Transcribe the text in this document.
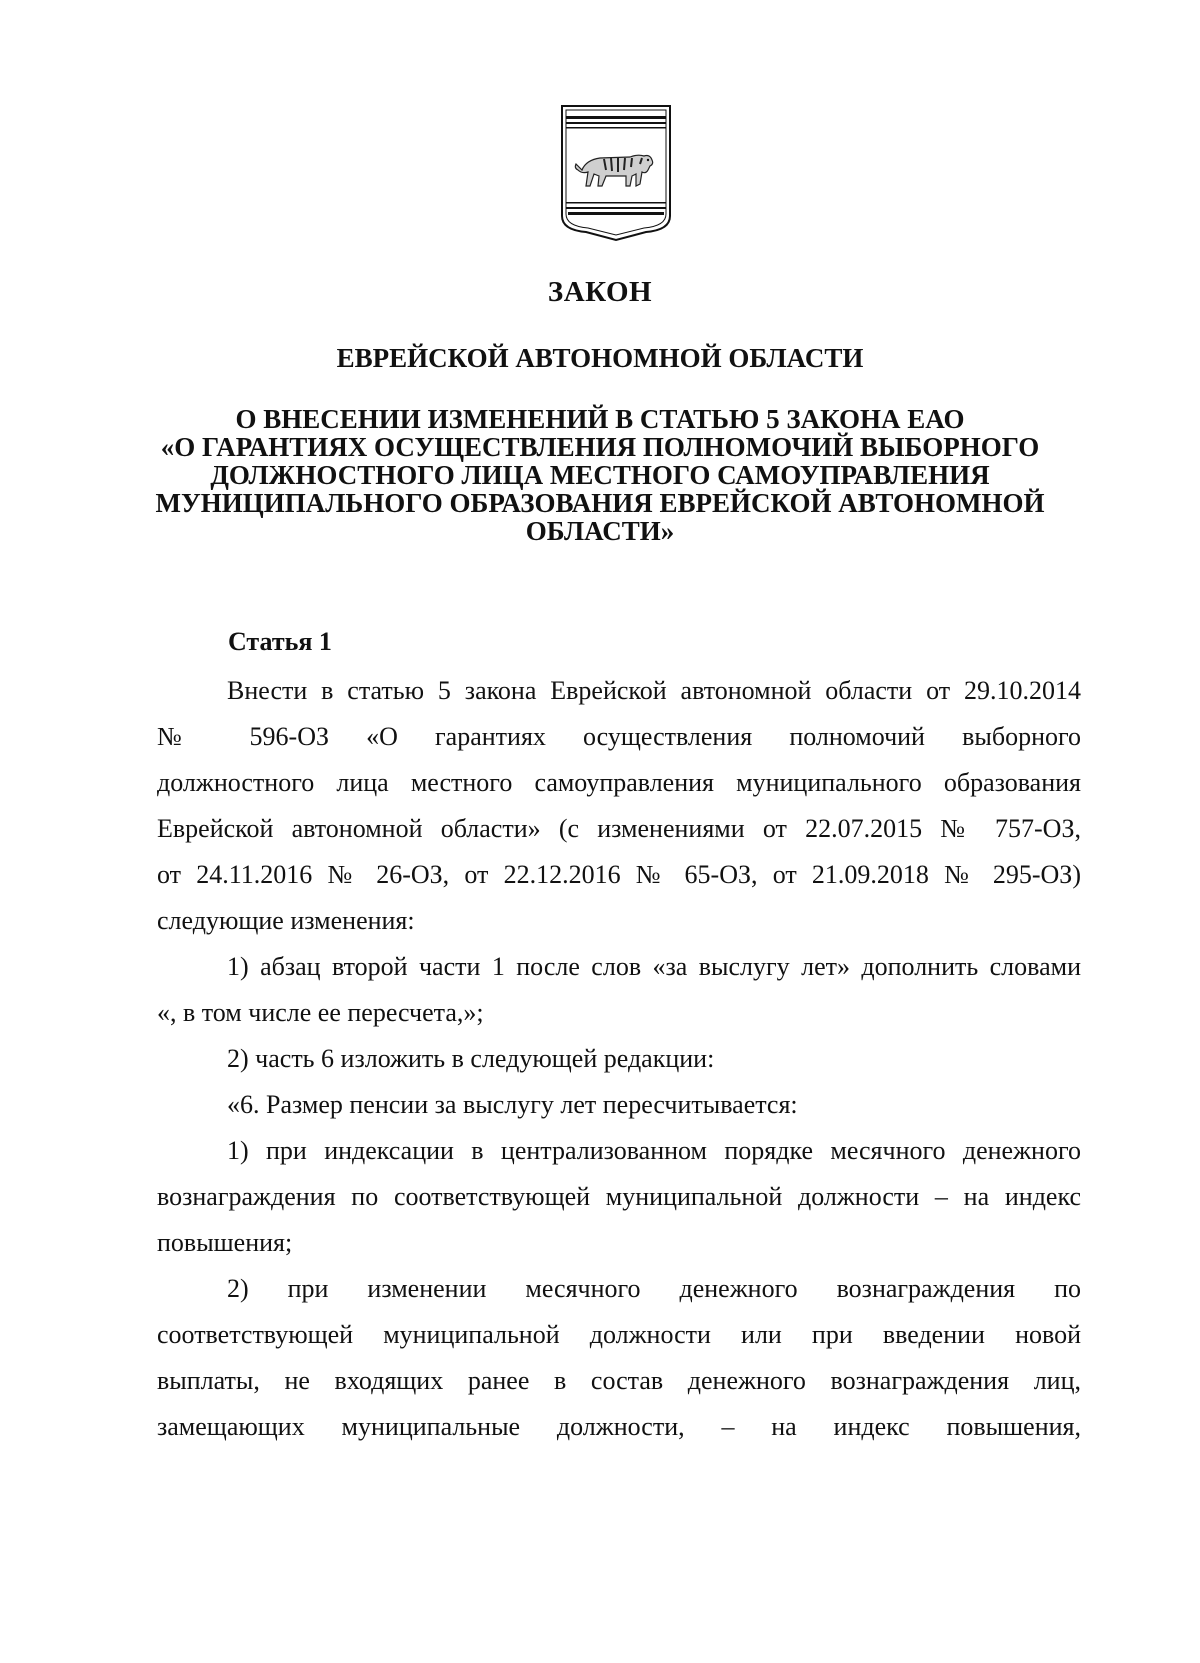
ЗАКОН
ЕВРЕЙСКОЙ АВТОНОМНОЙ ОБЛАСТИ
О ВНЕСЕНИИ ИЗМЕНЕНИЙ В СТАТЬЮ 5 ЗАКОНА ЕАО
«О ГАРАНТИЯХ ОСУЩЕСТВЛЕНИЯ ПОЛНОМОЧИЙ ВЫБОРНОГО
ДОЛЖНОСТНОГО ЛИЦА МЕСТНОГО САМОУПРАВЛЕНИЯ
МУНИЦИПАЛЬНОГО ОБРАЗОВАНИЯ ЕВРЕЙСКОЙ АВТОНОМНОЙ
ОБЛАСТИ»
Статья 1
Внести в статью 5 закона Еврейской автономной области от 29.10.2014
№ 596-ОЗ «О гарантиях осуществления полномочий выборного
должностного лица местного самоуправления муниципального образования
Еврейской автономной области» (с изменениями от 22.07.2015 № 757-ОЗ,
от 24.11.2016 № 26-ОЗ, от 22.12.2016 № 65-ОЗ, от 21.09.2018 № 295-ОЗ)
следующие изменения:
1) абзац второй части 1 после слов «за выслугу лет» дополнить словами
«, в том числе ее пересчета,»;
2) часть 6 изложить в следующей редакции:
«6. Размер пенсии за выслугу лет пересчитывается:
1) при индексации в централизованном порядке месячного денежного
вознаграждения по соответствующей муниципальной должности – на индекс
повышения;
2) при изменении месячного денежного вознаграждения по
соответствующей муниципальной должности или при введении новой
выплаты, не входящих ранее в состав денежного вознаграждения лиц,
замещающих муниципальные должности, – на индекс повышения,
